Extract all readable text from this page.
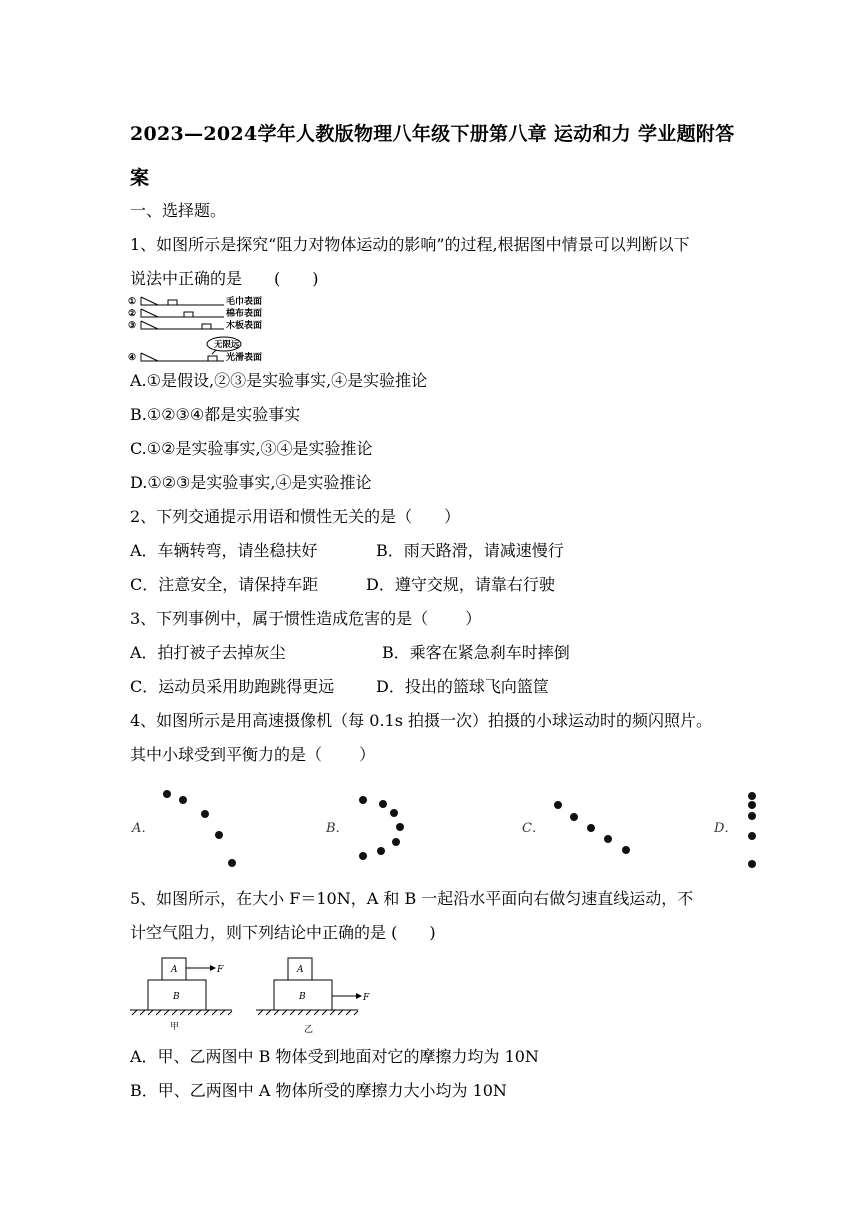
2023—2024学年人教版物理八年级下册第八章 运动和力 学业题附答案
一、选择题。
1、如图所示是探究“阻力对物体运动的影响”的过程,根据图中情景可以判断以下
说法中正确的是　　(　　)
①
②
③
④
毛巾表面
棉布表面
木板表面
无限远
光滑表面
A.①是假设,②③是实验事实,④是实验推论
B.①②③④都是实验事实
C.①②是实验事实,③④是实验推论
D.①②③是实验事实,④是实验推论
2、下列交通提示用语和惯性无关的是（　　）
A．车辆转弯，请坐稳扶好	B．雨天路滑，请减速慢行
C．注意安全，请保持车距	D．遵守交规，请靠右行驶
3、下列事例中，属于惯性造成危害的是（　　 ）
A．拍打被子去掉灰尘	B．乘客在紧急刹车时摔倒
C．运动员采用助跑跳得更远	D．投出的篮球飞向篮筐
4、如图所示是用高速摄像机（每 0.1s 拍摄一次）拍摄的小球运动时的频闪照片。
其中小球受到平衡力的是（　　 ）
A．	B．	C．	D．
5、如图所示，在大小 F＝10N，A 和 B 一起沿水平面向右做匀速直线运动，不
计空气阻力，则下列结论中正确的是 (　　)
A
B
F	A
B	F
甲	乙
A．甲、乙两图中 B 物体受到地面对它的摩擦力均为 10N
B．甲、乙两图中 A 物体所受的摩擦力大小均为 10N
